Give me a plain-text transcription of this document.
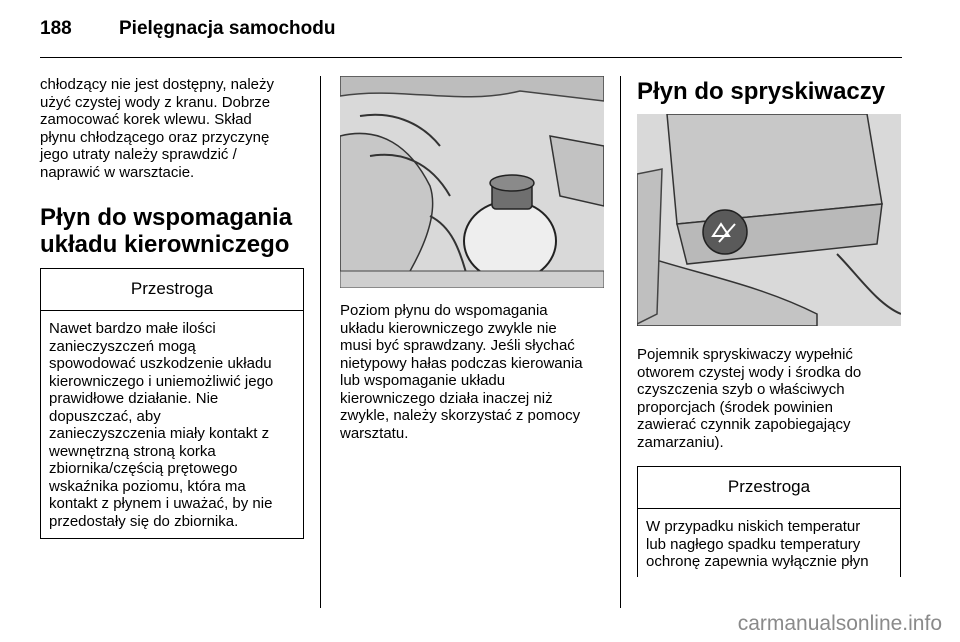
188 Pielęgnacja samochodu

chłodzący nie jest dostępny, należy
użyć czystej wody z kranu. Dobrze
zamocować korek wlewu. Skład
płynu chłodzącego oraz przyczynę
jego utraty należy sprawdzić /
naprawić w warsztacie.

Płyn do wspomagania
układu kierowniczego
Przestroga
Nawet bardzo małe ilości
zanieczyszczeń mogą
spowodować uszkodzenie układu
kierowniczego i uniemożliwić jego
prawidłowe działanie. Nie
dopuszczać, aby
zanieczyszczenia miały kontakt z
wewnętrzną stroną korka
zbiornika/częścią prętowego
wskaźnika poziomu, która ma
kontakt z płynem i uważać, by nie
przedostały się do zbiornika.

Poziom płynu do wspomagania
układu kierowniczego zwykle nie
musi być sprawdzany. Jeśli słychać
nietypowy hałas podczas kierowania
lub wspomaganie układu
kierowniczego działa inaczej niż
zwykle, należy skorzystać z pomocy
warsztatu.

Płyn do spryskiwaczy

Pojemnik spryskiwaczy wypełnić
otworem czystej wody i środka do
czyszczenia szyb o właściwych
proporcjach (środek powinien
zawierać czynnik zapobiegający
zamarzaniu).

Przestroga
W przypadku niskich temperatur
lub nagłego spadku temperatury
ochronę zapewnia wyłącznie płyn
carmanualsonline.info
